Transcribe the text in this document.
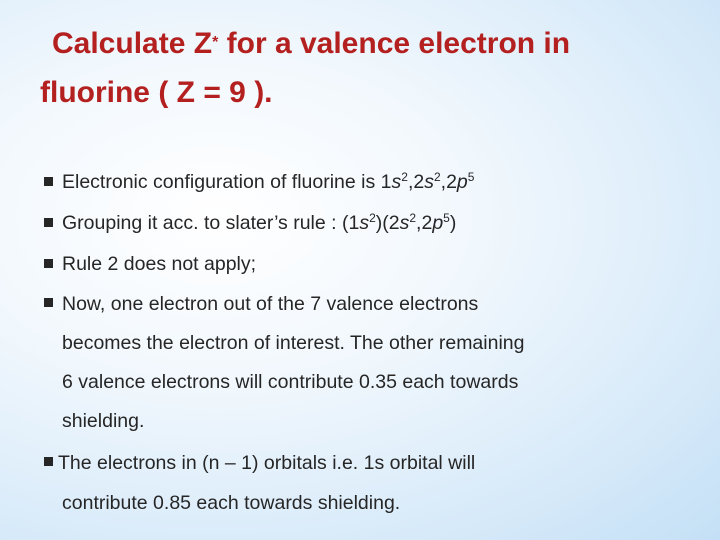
Calculate Z* for a valence electron in
fluorine ( Z = 9 ).
Electronic configuration of fluorine is $1s^2,2s^2,2p^5$
Grouping it acc. to slater’s rule : $(1s^2)(2s^2,2p^5)$
Rule 2 does not apply;
Now, one electron out of the 7 valence electrons
becomes the electron of interest. The other remaining
6 valence electrons will contribute 0.35 each towards
shielding.
The electrons in (n – 1) orbitals i.e. 1s orbital will
contribute 0.85 each towards shielding.
